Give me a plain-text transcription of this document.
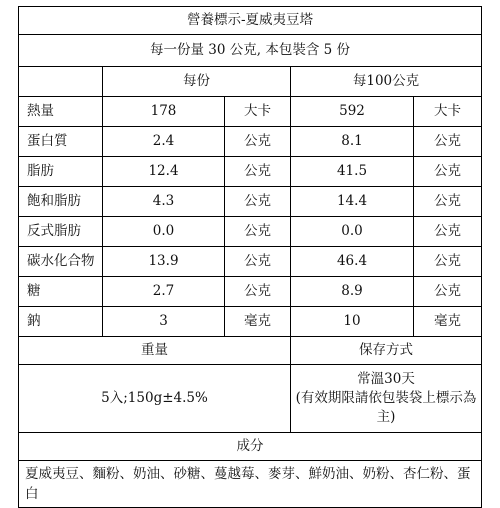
營養標示-夏威夷豆塔				
每一份量 30 公克, 本包裝含 5 份				
	每份		每100公克	
熱量	178	大卡	592	大卡
蛋白質	2.4	公克	8.1	公克
脂肪	12.4	公克	41.5	公克
飽和脂肪	4.3	公克	14.4	公克
反式脂肪	0.0	公克	0.0	公克
碳水化合物	13.9	公克	46.4	公克
糖	2.7	公克	8.9	公克
鈉	3	毫克	10	毫克
重量			保存方式	
5入;150g±4.5%			常溫30天
(有效期限請依包裝袋上標示為主)	

成分				
夏威夷豆、麵粉、奶油、砂糖、蔓越莓、麥芽、鮮奶油、奶粉、杏仁粉、蛋白				
